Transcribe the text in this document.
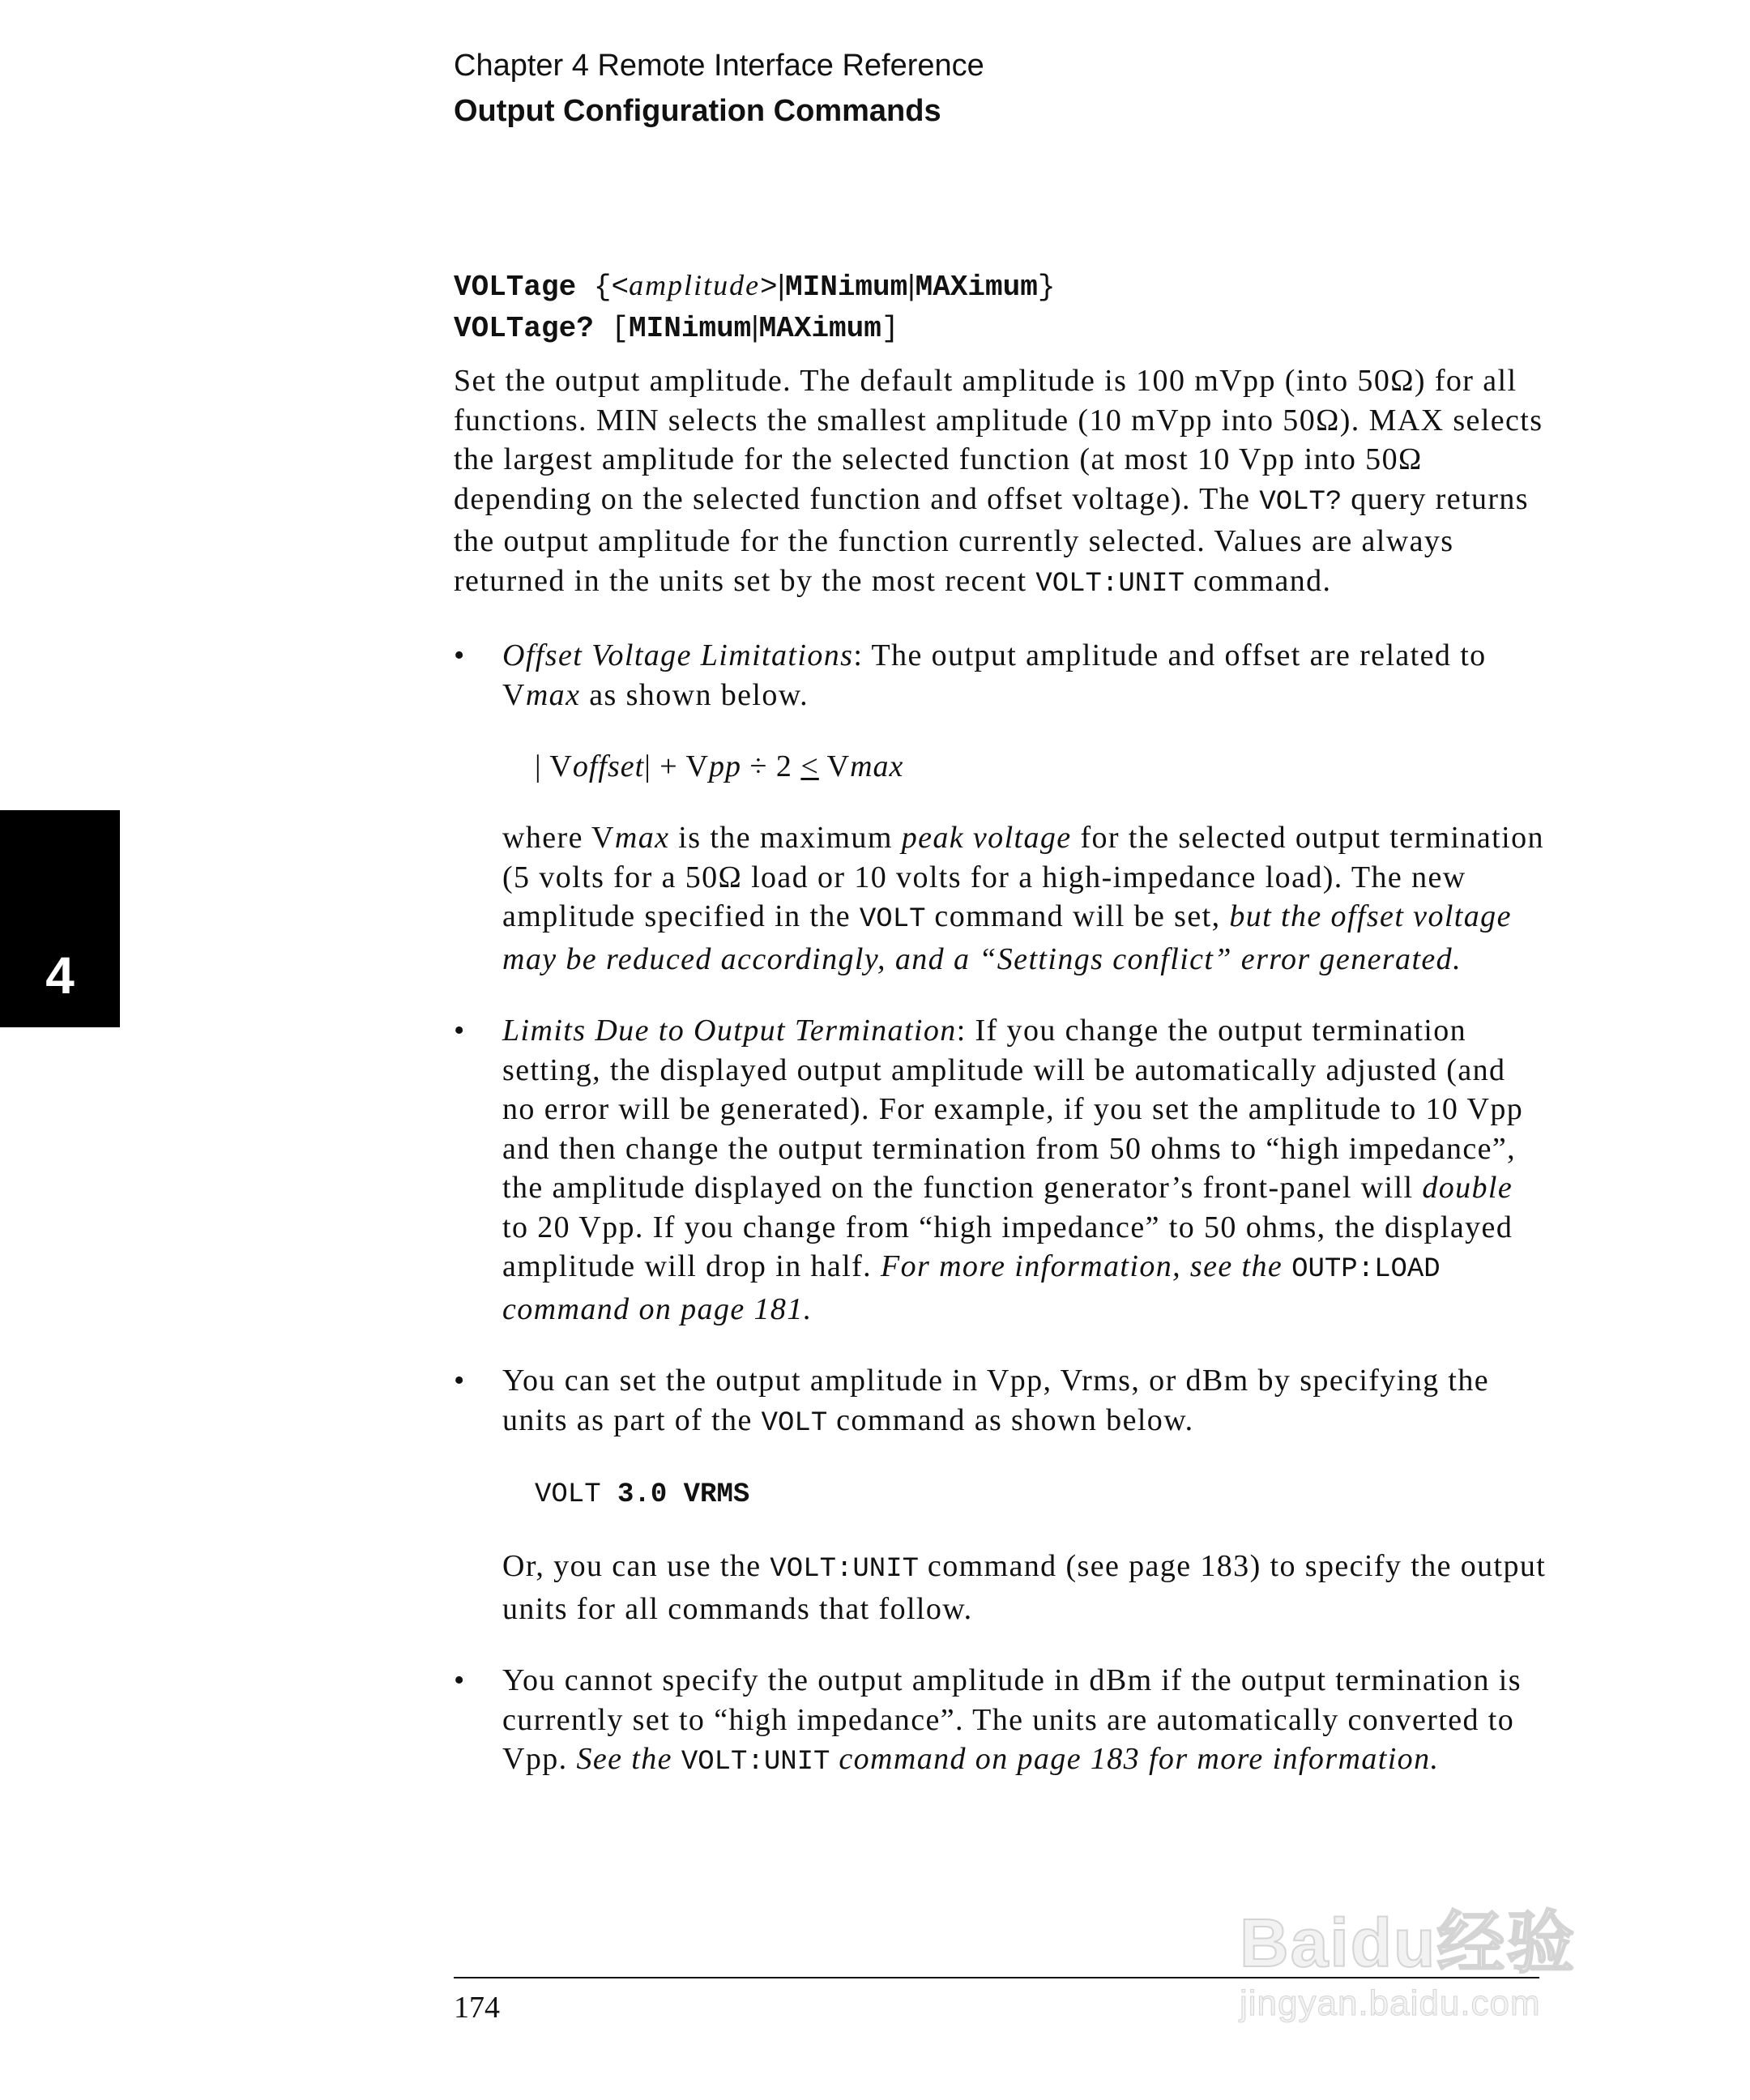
Chapter 4 Remote Interface Reference
Output Configuration Commands
4
VOLTage {<amplitude>|MINimum|MAXimum}
VOLTage? [MINimum|MAXimum]

Set the output amplitude. The default amplitude is 100 mVpp (into 50Ω) for all functions. MIN selects the smallest amplitude (10 mVpp into 50Ω). MAX selects the largest amplitude for the selected function (at most 10 Vpp into 50Ω depending on the selected function and offset voltage). The VOLT? query returns the output amplitude for the function currently selected. Values are always returned in the units set by the most recent VOLT:UNIT command.

• Offset Voltage Limitations: The output amplitude and offset are related to Vmax as shown below.

| Voffset| + Vpp ÷ 2 ≤ Vmax

where Vmax is the maximum peak voltage for the selected output termination (5 volts for a 50Ω load or 10 volts for a high-impedance load). The new amplitude specified in the VOLT command will be set, but the offset voltage may be reduced accordingly, and a “Settings conflict” error generated.

• Limits Due to Output Termination: If you change the output termination setting, the displayed output amplitude will be automatically adjusted (and no error will be generated). For example, if you set the amplitude to 10 Vpp and then change the output termination from 50 ohms to “high impedance”, the amplitude displayed on the function generator’s front-panel will double to 20 Vpp. If you change from “high impedance” to 50 ohms, the displayed amplitude will drop in half. For more information, see the OUTP:LOAD command on page 181.

• You can set the output amplitude in Vpp, Vrms, or dBm by specifying the units as part of the VOLT command as shown below.

VOLT 3.0 VRMS

Or, you can use the VOLT:UNIT command (see page 183) to specify the output units for all commands that follow.

• You cannot specify the output amplitude in dBm if the output termination is currently set to “high impedance”. The units are automatically converted to Vpp. See the VOLT:UNIT command on page 183 for more information.

174
Baidu经验
jingyan.baidu.com
